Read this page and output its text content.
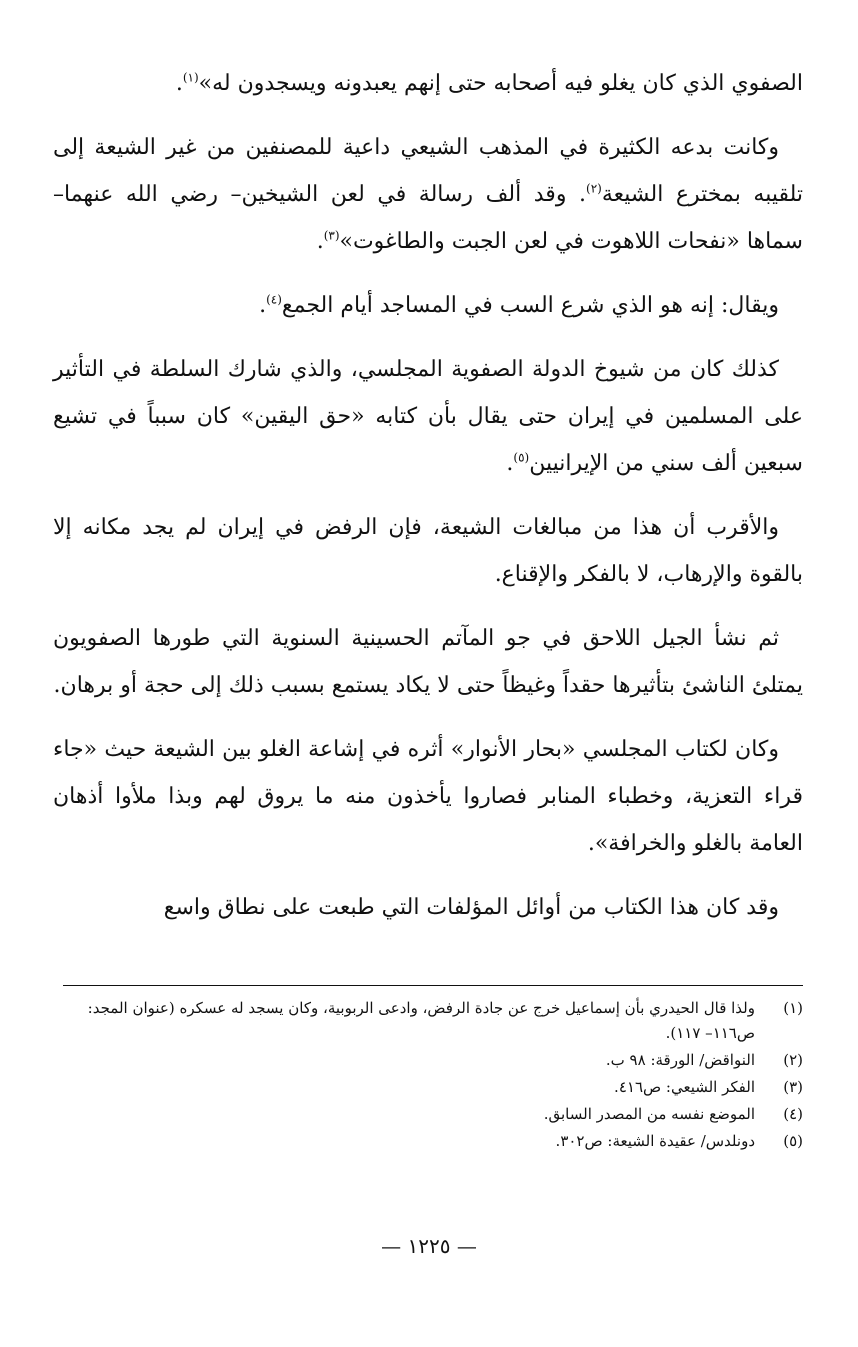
الصفوي الذي كان يغلو فيه أصحابه حتى إنهم يعبدونه ويسجدون له»$^{(١)}$.

وكانت بدعه الكثيرة في المذهب الشيعي داعية للمصنفين من غير الشيعة إلى تلقيبه بمخترع الشيعة$^{(٢)}$. وقد ألف رسالة في لعن الشيخين– رضي الله عنهما– سماها «نفحات اللاهوت في لعن الجبت والطاغوت»$^{(٣)}$.

ويقال: إنه هو الذي شرع السب في المساجد أيام الجمع$^{(٤)}$.

كذلك كان من شيوخ الدولة الصفوية المجلسي، والذي شارك السلطة في التأثير على المسلمين في إيران حتى يقال بأن كتابه «حق اليقين» كان سبباً في تشيع سبعين ألف سني من الإيرانيين$^{(٥)}$.

والأقرب أن هذا من مبالغات الشيعة، فإن الرفض في إيران لم يجد مكانه إلا بالقوة والإرهاب، لا بالفكر والإقناع.

ثم نشأ الجيل اللاحق في جو المآتم الحسينية السنوية التي طورها الصفويون يمتلئ الناشئ بتأثيرها حقداً وغيظاً حتى لا يكاد يستمع بسبب ذلك إلى حجة أو برهان.

وكان لكتاب المجلسي «بحار الأنوار» أثره في إشاعة الغلو بين الشيعة حيث «جاء قراء التعزية، وخطباء المنابر فصاروا يأخذون منه ما يروق لهم وبذا ملأوا أذهان العامة بالغلو والخرافة».

وقد كان هذا الكتاب من أوائل المؤلفات التي طبعت على نطاق واسع

(١)
ولذا قال الحيدري بأن إسماعيل خرج عن جادة الرفض، وادعى الربوبية، وكان يسجد له عسكره (عنوان المجد: ص١١٦– ١١٧).
(٢)
النواقض/ الورقة: ٩٨ ب.
(٣)
الفكر الشيعي: ص٤١٦.
(٤)
الموضع نفسه من المصدر السابق.
(٥)
دونلدس/ عقيدة الشيعة: ص٣٠٢.
— ١٢٢٥ —
